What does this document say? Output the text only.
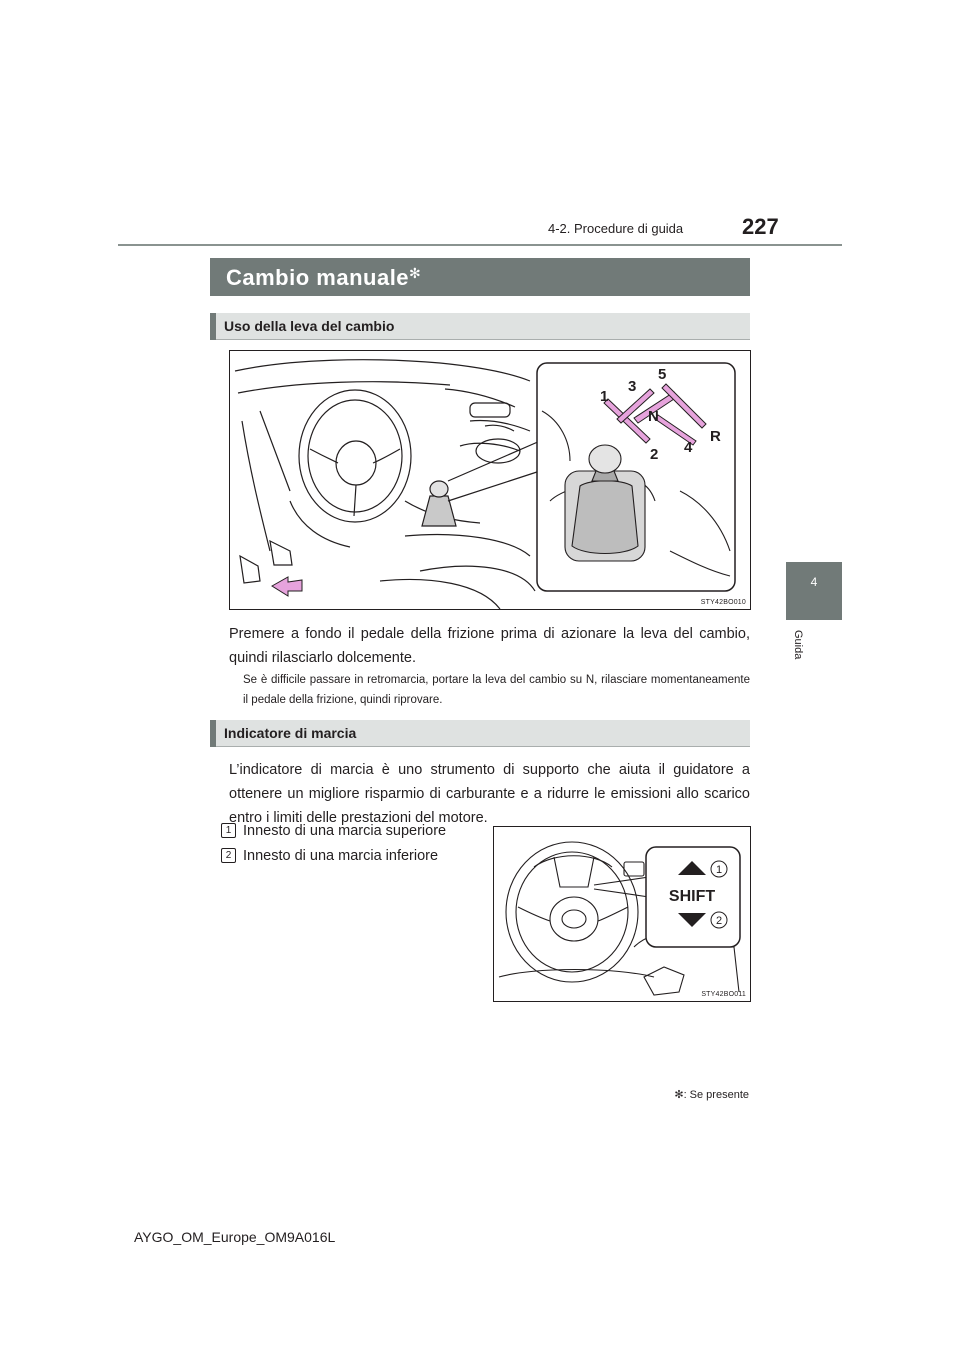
227
4-2. Procedure di guida
4
Guida
Cambio manuale✻
Uso della leva del cambio
1
2
3
4
5
N
R
STY42BO010
Premere a fondo il pedale della frizione prima di azionare la leva del cambio, quindi rilasciarlo dolcemente.
Se è difficile passare in retromarcia, portare la leva del cambio su N, rilasciare momentaneamente il pedale della frizione, quindi riprovare.
Indicatore di marcia
L’indicatore di marcia è uno strumento di supporto che aiuta il guidatore a ottenere un migliore risparmio di carburante e a ridurre le emissioni allo scarico entro i limiti delle prestazioni del motore.
1 Innesto di una marcia superiore
2 Innesto di una marcia inferiore
SHIFT
1
2
STY42BO011
✻: Se presente
AYGO_OM_Europe_OM9A016L
